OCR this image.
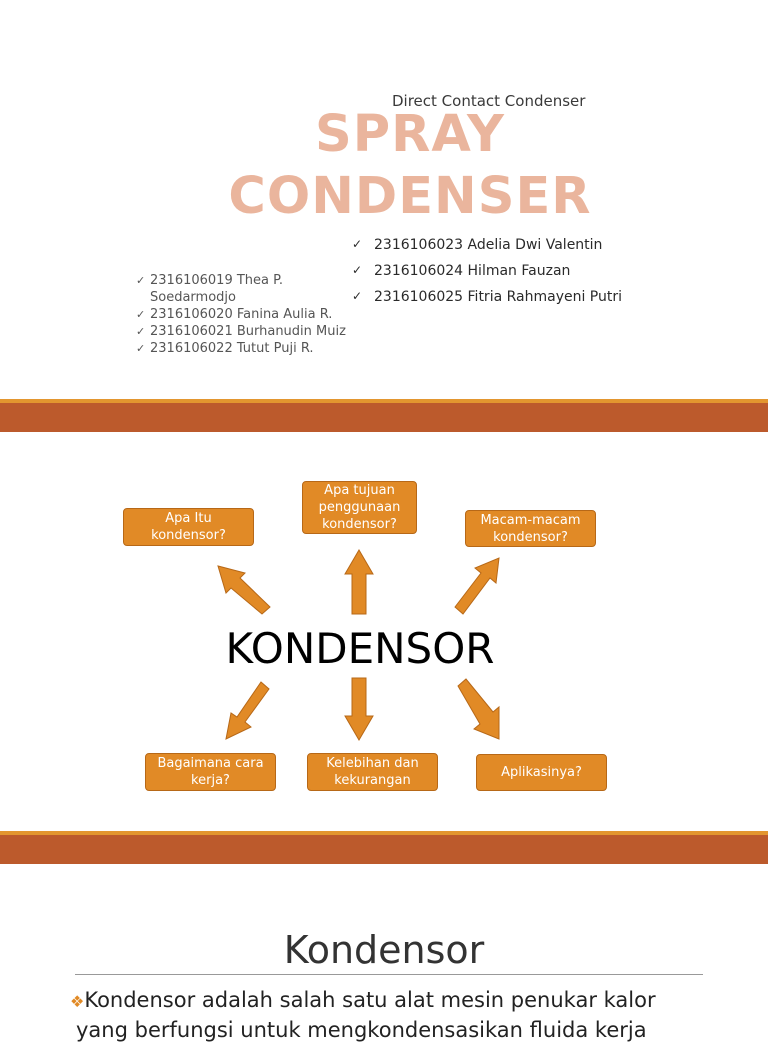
Direct Contact Condenser
SPRAY
CONDENSER
✓ 2316106023 Adelia Dwi Valentin
✓ 2316106024 Hilman Fauzan
✓ 2316106025 Fitria Rahmayeni Putri
✓ 2316106019 Thea P.
Soedarmodjo
✓ 2316106020 Fanina Aulia R.
✓ 2316106021 Burhanudin Muiz
✓ 2316106022 Tutut Puji R.
Apa Itu kondensor?
Apa tujuan penggunaan kondensor?	Macam-macam kondensor?
KONDENSOR
Bagaimana cara kerja?
Kelebihan dan kekurangan
Aplikasinya?
Kondensor
❖Kondensor adalah salah satu alat mesin penukar kalor
yang berfungsi untuk mengkondensasikan fluida kerja
